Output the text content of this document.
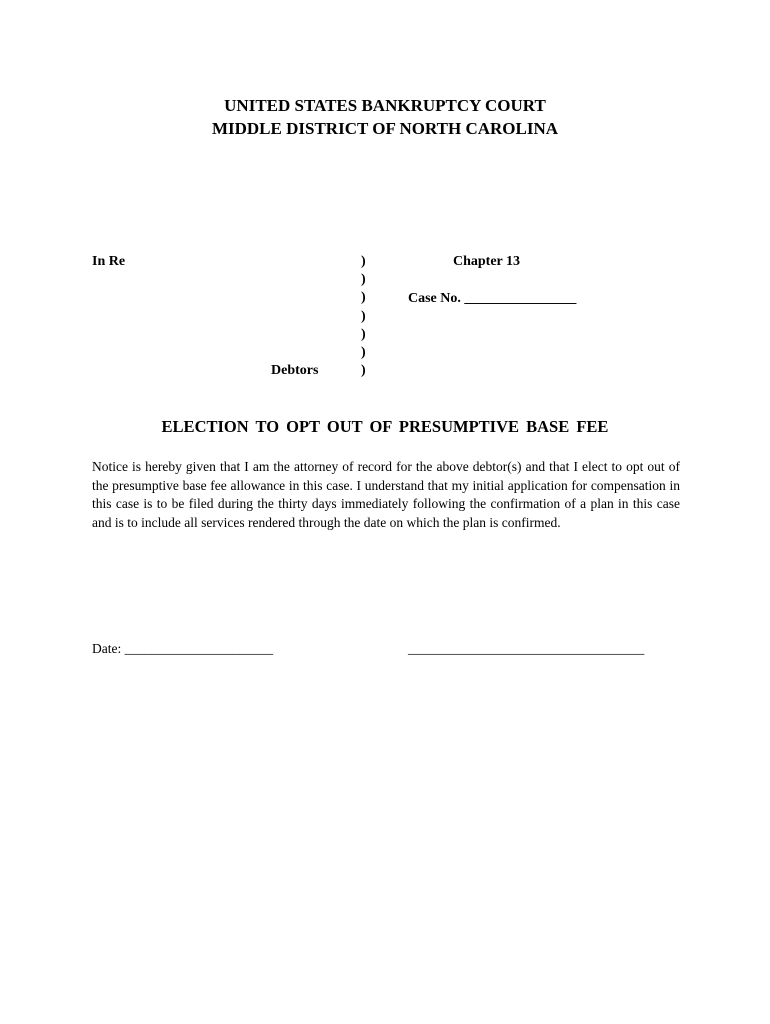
UNITED STATES BANKRUPTCY COURT
MIDDLE DISTRICT OF NORTH CAROLINA
In Re
Debtors
)
)
)
)
)
)
)
Chapter 13
Case No. ________________
ELECTION TO OPT OUT OF PRESUMPTIVE BASE FEE

Notice is hereby given that I am the attorney of record for the above debtor(s) and that I elect to opt out of the presumptive base fee allowance in this case. I understand that my initial application for compensation in this case is to be filed during the thirty days immediately following the confirmation of a plan in this case and is to include all services rendered through the date on which the plan is confirmed.

Date: ______________________	___________________________________
